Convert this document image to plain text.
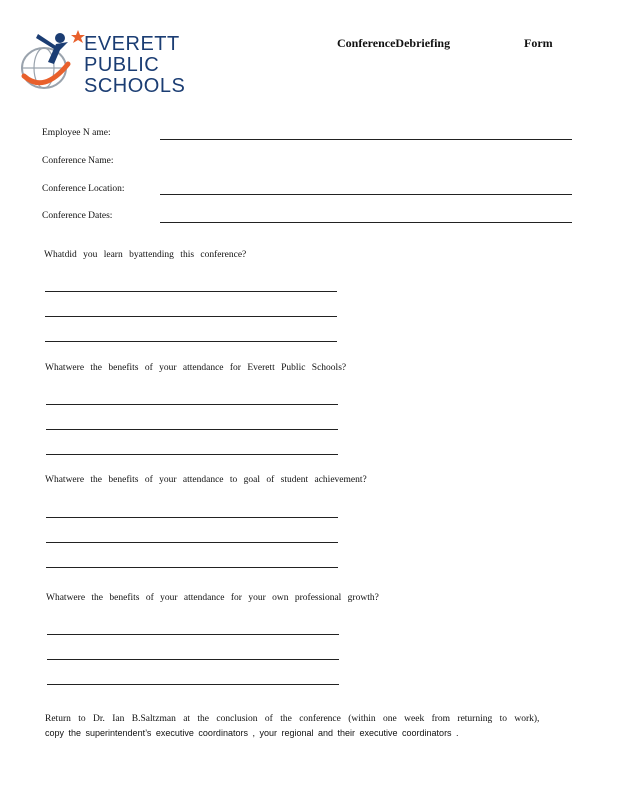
EVERETT
PUBLIC
SCHOOLS
ConferenceDebriefing	Form
Employee N ame:
Conference Name:
Conference Location:
Conference Dates:
Whatdid you learn byattending this conference?
Whatwere the benefits of your attendance for Everett Public Schools?
Whatwere the benefits of your attendance to goal of student achievement?
Whatwere the benefits of your attendance for your own professional growth?
Return to Dr. Ian B.Saltzman at the conclusion of the conference (within one week from returning to work),
copy the superintendent’s executive coordinators , your regional and their executive coordinators .
